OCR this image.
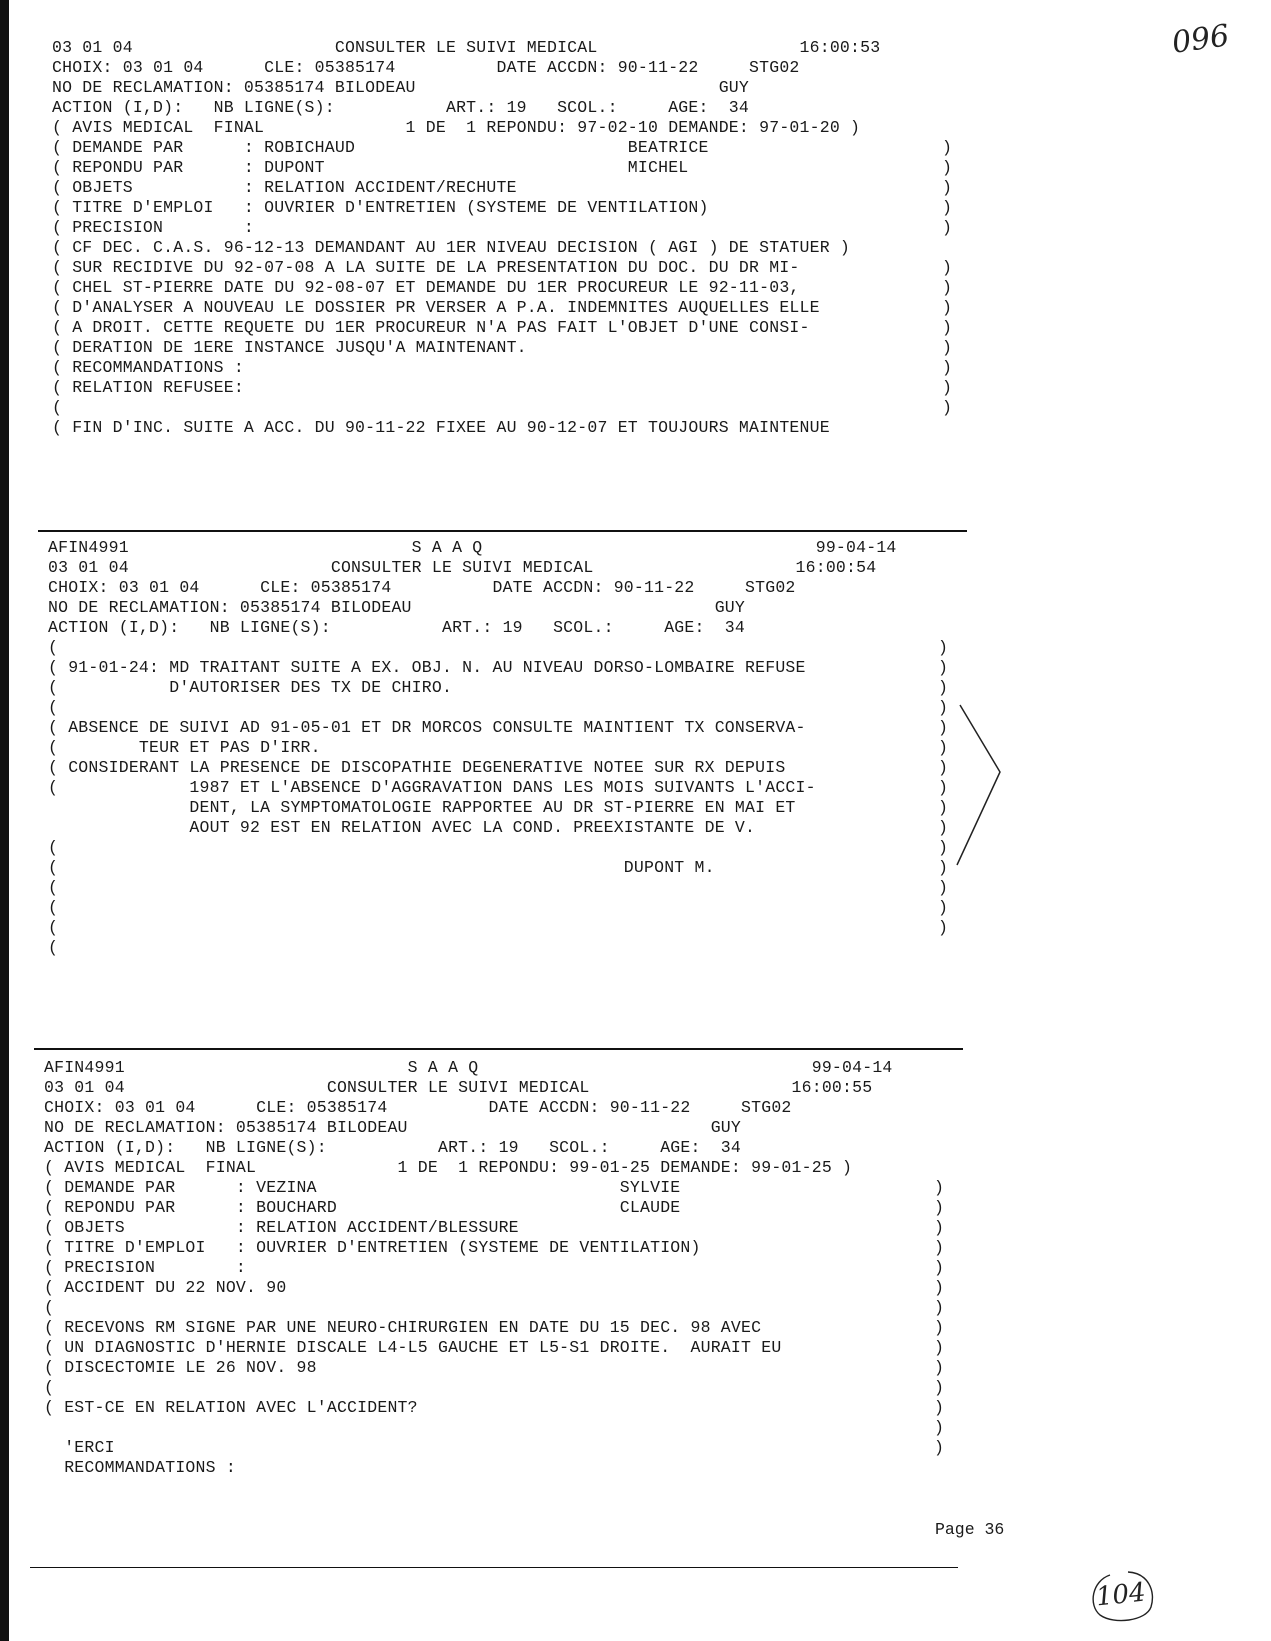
096
03 01 04                    CONSULTER LE SUIVI MEDICAL                    16:00:53
CHOIX: 03 01 04      CLE: 05385174          DATE ACCDN: 90-11-22     STG02
NO DE RECLAMATION: 05385174 BILODEAU                              GUY
ACTION (I,D):   NB LIGNE(S):           ART.: 19   SCOL.:     AGE:  34
( AVIS MEDICAL  FINAL              1 DE  1 REPONDU: 97-02-10 DEMANDE: 97-01-20 )
( DEMANDE PAR      : ROBICHAUD                           BEATRICE
( REPONDU PAR      : DUPONT                              MICHEL
( OBJETS           : RELATION ACCIDENT/RECHUTE
( TITRE D'EMPLOI   : OUVRIER D'ENTRETIEN (SYSTEME DE VENTILATION)
( PRECISION        :
( CF DEC. C.A.S. 96-12-13 DEMANDANT AU 1ER NIVEAU DECISION ( AGI ) DE STATUER )
( SUR RECIDIVE DU 92-07-08 A LA SUITE DE LA PRESENTATION DU DOC. DU DR MI-
( CHEL ST-PIERRE DATE DU 92-08-07 ET DEMANDE DU 1ER PROCUREUR LE 92-11-03,
( D'ANALYSER A NOUVEAU LE DOSSIER PR VERSER A P.A. INDEMNITES AUQUELLES ELLE
( A DROIT. CETTE REQUETE DU 1ER PROCUREUR N'A PAS FAIT L'OBJET D'UNE CONSI-
( DERATION DE 1ERE INSTANCE JUSQU'A MAINTENANT.
( RECOMMANDATIONS :
( RELATION REFUSEE:
(
( FIN D'INC. SUITE A ACC. DU 90-11-22 FIXEE AU 90-12-07 ET TOUJOURS MAINTENUE
)
)
)
)
)
)
)
)
)
)
)
)
)
AFIN4991                            S A A Q                                 99-04-14
03 01 04                    CONSULTER LE SUIVI MEDICAL                    16:00:54
CHOIX: 03 01 04      CLE: 05385174          DATE ACCDN: 90-11-22     STG02
NO DE RECLAMATION: 05385174 BILODEAU                              GUY
ACTION (I,D):   NB LIGNE(S):           ART.: 19   SCOL.:     AGE:  34
(
( 91-01-24: MD TRAITANT SUITE A EX. OBJ. N. AU NIVEAU DORSO-LOMBAIRE REFUSE
(           D'AUTORISER DES TX DE CHIRO.
(
( ABSENCE DE SUIVI AD 91-05-01 ET DR MORCOS CONSULTE MAINTIENT TX CONSERVA-
(        TEUR ET PAS D'IRR.
( CONSIDERANT LA PRESENCE DE DISCOPATHIE DEGENERATIVE NOTEE SUR RX DEPUIS
(             1987 ET L'ABSENCE D'AGGRAVATION DANS LES MOIS SUIVANTS L'ACCI-
DENT, LA SYMPTOMATOLOGIE RAPPORTEE AU DR ST-PIERRE EN MAI ET
AOUT 92 EST EN RELATION AVEC LA COND. PREEXISTANTE DE V.
(
(                                                        DUPONT M.
(
(
(
(
)
)
)
)
)
)
)
)
)
)
)
)
)
)
)
AFIN4991                            S A A Q                                 99-04-14
03 01 04                    CONSULTER LE SUIVI MEDICAL                    16:00:55
CHOIX: 03 01 04      CLE: 05385174          DATE ACCDN: 90-11-22     STG02
NO DE RECLAMATION: 05385174 BILODEAU                              GUY
ACTION (I,D):   NB LIGNE(S):           ART.: 19   SCOL.:     AGE:  34
( AVIS MEDICAL  FINAL              1 DE  1 REPONDU: 99-01-25 DEMANDE: 99-01-25 )
( DEMANDE PAR      : VEZINA                              SYLVIE
( REPONDU PAR      : BOUCHARD                            CLAUDE
( OBJETS           : RELATION ACCIDENT/BLESSURE
( TITRE D'EMPLOI   : OUVRIER D'ENTRETIEN (SYSTEME DE VENTILATION)
( PRECISION        :
( ACCIDENT DU 22 NOV. 90
(
( RECEVONS RM SIGNE PAR UNE NEURO-CHIRURGIEN EN DATE DU 15 DEC. 98 AVEC
( UN DIAGNOSTIC D'HERNIE DISCALE L4-L5 GAUCHE ET L5-S1 DROITE.  AURAIT EU
( DISCECTOMIE LE 26 NOV. 98
(
( EST-CE EN RELATION AVEC L'ACCIDENT?
'ERCI
RECOMMANDATIONS :
)
)
)
)
)
)
)
)
)
)
)
)
)
)
Page 36
104
